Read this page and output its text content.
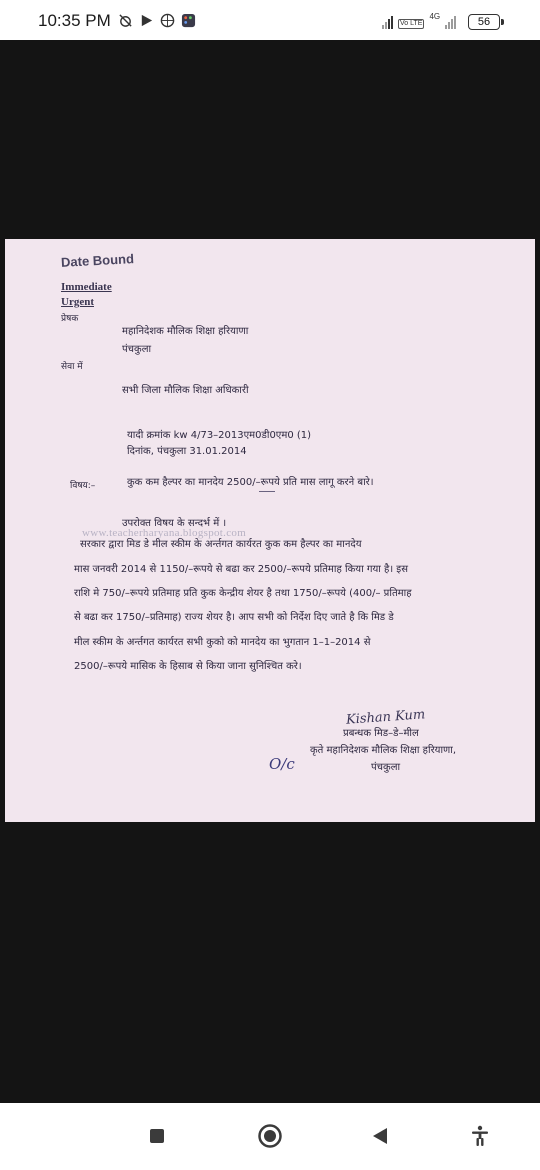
10:35 PM	Vo LTE
4G	56
Date Bound
Immediate
Urgent
प्रेषक
महानिदेशक मौलिक शिक्षा हरियाणा
पंचकुला
सेवा में
सभी जिला मौलिक शिक्षा अधिकारी
यादी क्रमांक kw 4/73–2013एम0डी0एम0 (1)
दिनांक, पंचकुला 31.01.2014
विषय:–	कुक कम हैल्पर का मानदेय 2500/–रूपये प्रति मास लागू करने बारे।
उपरोक्त विषय के सन्दर्भ में ।
www.teacherharyana.blogspot.com
सरकार द्वारा मिड डे मील स्कीम के अर्न्तगत कार्यरत कुक कम हैल्पर का मानदेय
मास जनवरी 2014 से 1150/–रूपये से बढा कर 2500/–रूपये प्रतिमाह किया गया है। इस
राशि मे 750/–रूपये प्रतिमाह प्रति कुक केन्द्रीय शेयर है तथा 1750/–रूपये (400/– प्रतिमाह
से बढा कर 1750/–प्रतिमाह) राज्य शेयर है। आप सभी को निर्देश दिए जाते है कि मिड डे
मील स्कीम के अर्न्तगत कार्यरत सभी कुको को मानदेय का भुगतान 1–1–2014 से
2500/–रूपये मासिक के हिसाब से किया जाना सुनिश्चित करे।
Kishan Kum
प्रबन्धक मिड–डे–मील
कृते महानिदेशक मौलिक शिक्षा हरियाणा,
पंचकुला
O/c
